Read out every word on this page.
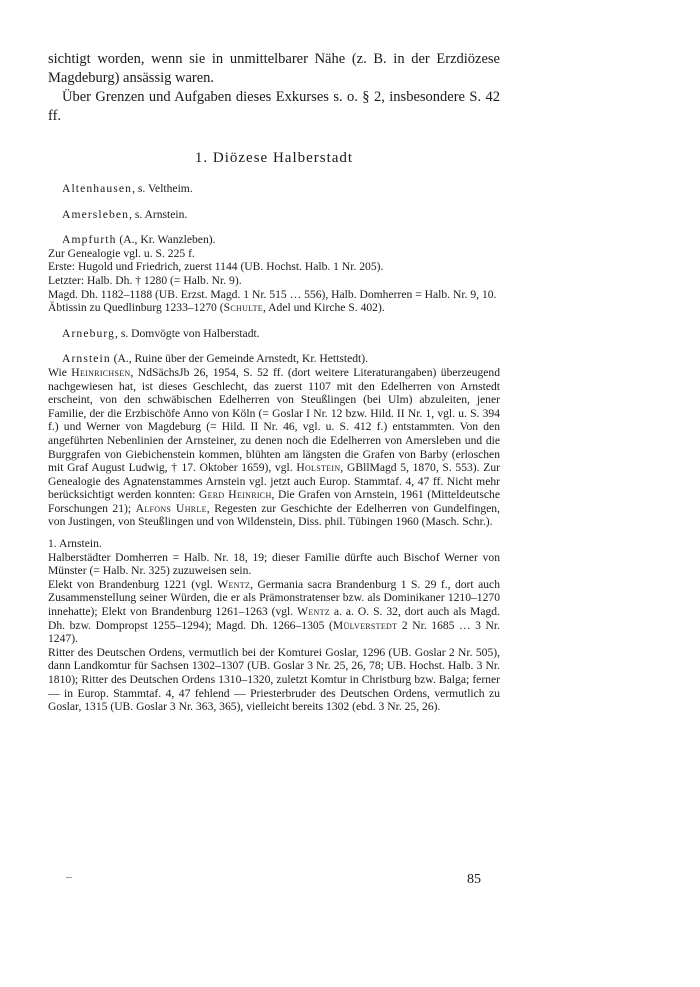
sichtigt worden, wenn sie in unmittelbarer Nähe (z. B. in der Erzdiözese Magdeburg) ansässig waren.

Über Grenzen und Aufgaben dieses Exkurses s. o. § 2, insbesondere S. 42 ff.

1. Diözese Halberstadt
Altenhausen, s. Veltheim.
Amersleben, s. Arnstein.
Ampfurth (A., Kr. Wanzleben).

Zur Genealogie vgl. u. S. 225 f.

Erste: Hugold und Friedrich, zuerst 1144 (UB. Hochst. Halb. 1 Nr. 205).

Letzter: Halb. Dh. † 1280 (= Halb. Nr. 9).

Magd. Dh. 1182–1188 (UB. Erzst. Magd. 1 Nr. 515 … 556), Halb. Domherren = Halb. Nr. 9, 10.

Äbtissin zu Quedlinburg 1233–1270 (Schulte, Adel und Kirche S. 402).

Arneburg, s. Domvögte von Halberstadt.
Arnstein (A., Ruine über der Gemeinde Arnstedt, Kr. Hettstedt).

Wie Heinrichsen, NdSächsJb 26, 1954, S. 52 ff. (dort weitere Literaturangaben) überzeugend nachgewiesen hat, ist dieses Geschlecht, das zuerst 1107 mit den Edelherren von Arnstedt erscheint, von den schwäbischen Edelherren von Steußlingen (bei Ulm) abzuleiten, jener Familie, der die Erzbischöfe Anno von Köln (= Goslar I Nr. 12 bzw. Hild. II Nr. 1, vgl. u. S. 394 f.) und Werner von Magdeburg (= Hild. II Nr. 46, vgl. u. S. 412 f.) entstammten. Von den angeführten Nebenlinien der Arnsteiner, zu denen noch die Edelherren von Amersleben und die Burggrafen von Giebichenstein kommen, blühten am längsten die Grafen von Barby (erloschen mit Graf August Ludwig, † 17. Oktober 1659), vgl. Holstein, GBllMagd 5, 1870, S. 553). Zur Genealogie des Agnatenstammes Arnstein vgl. jetzt auch Europ. Stammtaf. 4, 47 ff. Nicht mehr berücksichtigt werden konnten: Gerd Heinrich, Die Grafen von Arnstein, 1961 (Mitteldeutsche Forschungen 21); Alfons Uhrle, Regesten zur Geschichte der Edelherren von Gundelfingen, von Justingen, von Steußlingen und von Wildenstein, Diss. phil. Tübingen 1960 (Masch. Schr.).

1. Arnstein.

Halberstädter Domherren = Halb. Nr. 18, 19; dieser Familie dürfte auch Bischof Werner von Münster (= Halb. Nr. 325) zuzuweisen sein.

Elekt von Brandenburg 1221 (vgl. Wentz, Germania sacra Brandenburg 1 S. 29 f., dort auch Zusammenstellung seiner Würden, die er als Prämonstratenser bzw. als Dominikaner 1210–1270 innehatte); Elekt von Brandenburg 1261–1263 (vgl. Wentz a. a. O. S. 32, dort auch als Magd. Dh. bzw. Dompropst 1255–1294); Magd. Dh. 1266–1305 (Mülverstedt 2 Nr. 1685 … 3 Nr. 1247).

Ritter des Deutschen Ordens, vermutlich bei der Komturei Goslar, 1296 (UB. Goslar 2 Nr. 505), dann Landkomtur für Sachsen 1302–1307 (UB. Goslar 3 Nr. 25, 26, 78; UB. Hochst. Halb. 3 Nr. 1810); Ritter des Deutschen Ordens 1310–1320, zuletzt Komtur in Christburg bzw. Balga; ferner — in Europ. Stammtaf. 4, 47 fehlend — Priesterbruder des Deutschen Ordens, vermutlich zu Goslar, 1315 (UB. Goslar 3 Nr. 363, 365), vielleicht bereits 1302 (ebd. 3 Nr. 25, 26).

85
